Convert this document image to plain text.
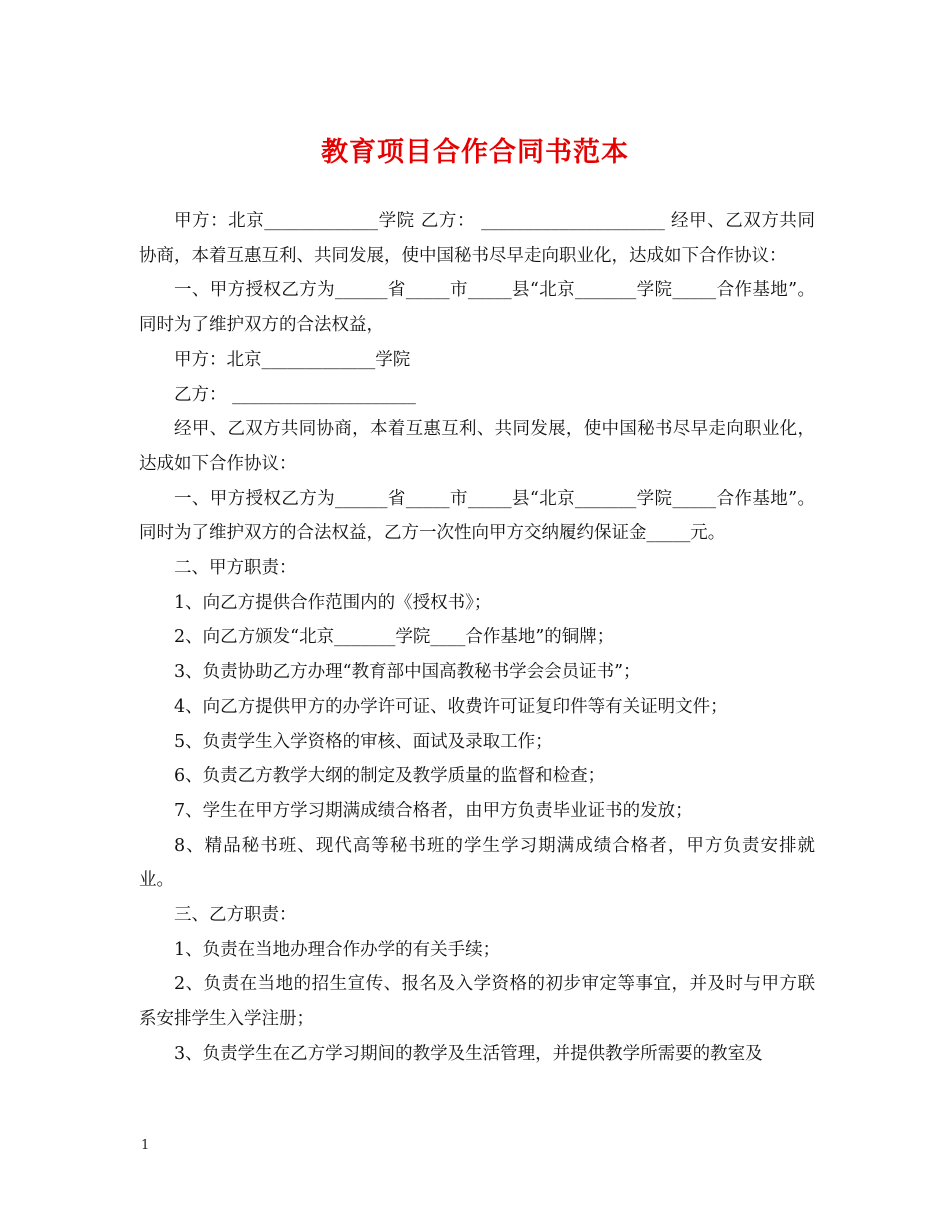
教育项目合作合同书范本

甲方：北京_____________学院 乙方： _____________________ 经甲、乙双方共同协商，本着互惠互利、共同发展，使中国秘书尽早走向职业化，达成如下合作协议：

一、甲方授权乙方为______省_____市_____县“北京_______学院_____合作基地”。同时为了维护双方的合法权益，

甲方：北京_____________学院

乙方： _____________________

经甲、乙双方共同协商，本着互惠互利、共同发展，使中国秘书尽早走向职业化，达成如下合作协议：

一、甲方授权乙方为______省_____市_____县“北京_______学院_____合作基地”。同时为了维护双方的合法权益，乙方一次性向甲方交纳履约保证金_____元。

二、甲方职责：

1、向乙方提供合作范围内的《授权书》；

2、向乙方颁发“北京_______学院____合作基地”的铜牌；

3、负责协助乙方办理“教育部中国高教秘书学会会员证书”；

4、向乙方提供甲方的办学许可证、收费许可证复印件等有关证明文件；

5、负责学生入学资格的审核、面试及录取工作；

6、负责乙方教学大纲的制定及教学质量的监督和检查；

7、学生在甲方学习期满成绩合格者，由甲方负责毕业证书的发放；

8、精品秘书班、现代高等秘书班的学生学习期满成绩合格者，甲方负责安排就业。

三、乙方职责：

1、负责在当地办理合作办学的有关手续；

2、负责在当地的招生宣传、报名及入学资格的初步审定等事宜，并及时与甲方联系安排学生入学注册；

3、负责学生在乙方学习期间的教学及生活管理，并提供教学所需要的教室及

1
